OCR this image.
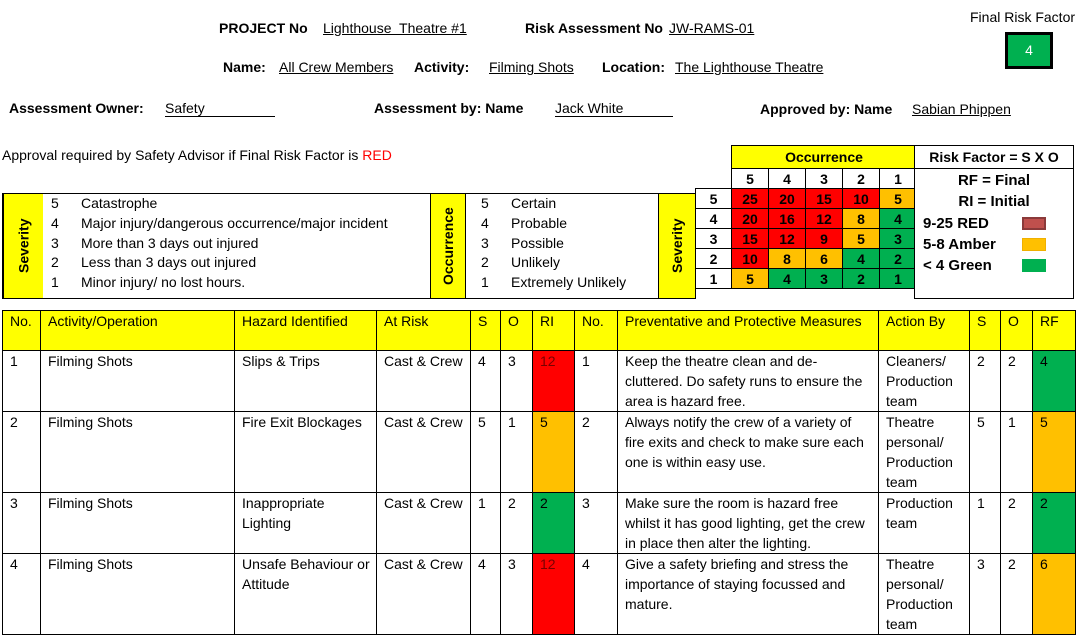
PROJECT No Lighthouse  Theatre #1	Risk Assessment No JW-RAMS-01
Final Risk Factor
4
Name: All Crew Members Activity: Filming Shots Location: The Lighthouse Theatre
Assessment Owner: Safety	Assessment by: Name Jack White	Approved by: Name Sabian Phippen
Approval required by Safety Advisor if Final Risk Factor is RED
Severity
5 Catastrophe
4 Major injury/dangerous occurrence/major incident
3 More than 3 days out injured
2 Less than 3 days out injured
1 Minor injury/ no lost hours.	Occurrence
5 Certain
4 Probable
3 Possible
2 Unlikely
1 Extremely Unlikely
Severity
	Occurrence				
	5	4	3	2	1
5	25	20	15	10	5
4	20	16	12	8	4
3	15	12	9	5	3
2	10	8	6	4	2
1	5	4	3	2	1
Risk Factor = S X O
RF = Final
RI = Initial
9-25 RED
5-8 Amber
< 4 Green
No.	Activity/Operation	Hazard Identified	At Risk	S	O	RI	No.	Preventative and Protective Measures	Action By	S	O	RF
1	Filming Shots	Slips & Trips	Cast & Crew	4	3	12	1	Keep the theatre clean and de-cluttered. Do safety runs to ensure the area is hazard free.	Cleaners/ Production team	2	2	4
2	Filming Shots	Fire Exit Blockages	Cast & Crew	5	1	5	2	Always notify the crew of a variety of fire exits and check to make sure each one is within easy use.	Theatre personal/ Production team	5	1	5
3	Filming Shots	Inappropriate Lighting	Cast & Crew	1	2	2	3	Make sure the room is hazard free whilst it has good lighting, get the crew in place then alter the lighting.	Production team	1	2	2
4	Filming Shots	Unsafe Behaviour or Attitude	Cast & Crew	4	3	12	4	Give a safety briefing and stress the importance of staying focussed and mature.	Theatre personal/ Production team	3	2	6
